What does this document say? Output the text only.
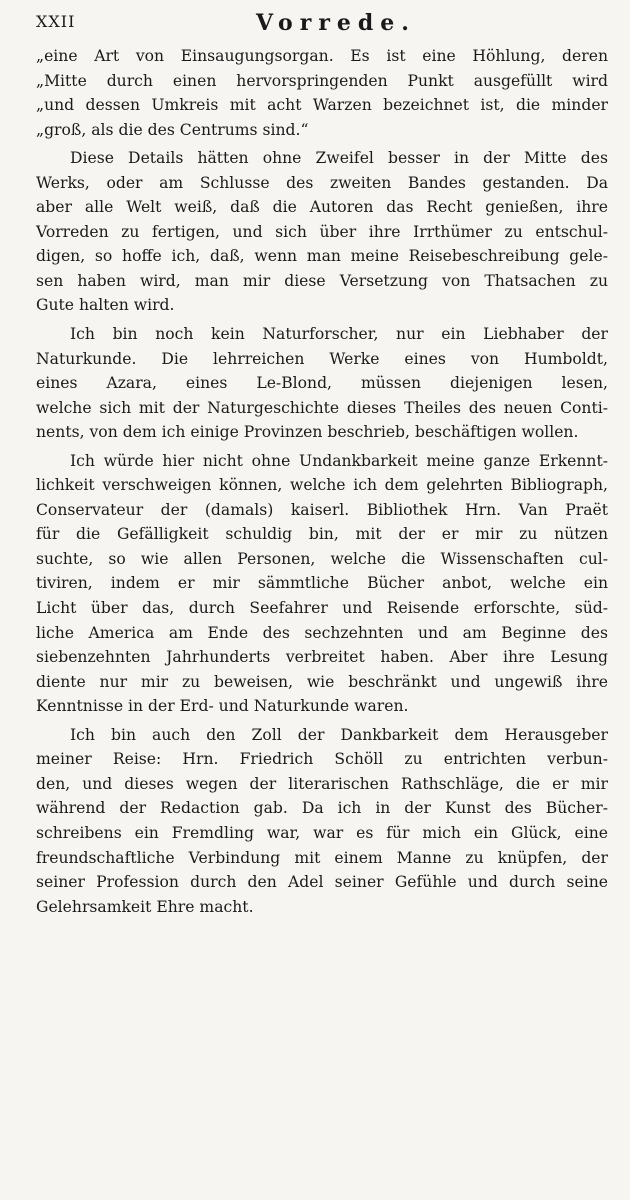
XXII	Vorrede.
„eine Art von Einsaugungsorgan. Es ist eine Höhlung, deren
„Mitte durch einen hervorspringenden Punkt ausgefüllt wird
„und dessen Umkreis mit acht Warzen bezeichnet ist, die minder
„groß, als die des Centrums sind.“
Diese Details hätten ohne Zweifel besser in der Mitte des
Werks, oder am Schlusse des zweiten Bandes gestanden. Da
aber alle Welt weiß, daß die Autoren das Recht genießen, ihre
Vorreden zu fertigen, und sich über ihre Irrthümer zu entschul-
digen, so hoffe ich, daß, wenn man meine Reisebeschreibung gele-
sen haben wird, man mir diese Versetzung von Thatsachen zu
Gute halten wird.
Ich bin noch kein Naturforscher, nur ein Liebhaber der
Naturkunde. Die lehrreichen Werke eines von Humboldt,
eines Azara, eines Le-Blond, müssen diejenigen lesen,
welche sich mit der Naturgeschichte dieses Theiles des neuen Conti-
nents, von dem ich einige Provinzen beschrieb, beschäftigen wollen.
Ich würde hier nicht ohne Undankbarkeit meine ganze Erkennt-
lichkeit verschweigen können, welche ich dem gelehrten Bibliograph,
Conservateur der (damals) kaiserl. Bibliothek Hrn. Van Praët
für die Gefälligkeit schuldig bin, mit der er mir zu nützen
suchte, so wie allen Personen, welche die Wissenschaften cul-
tiviren, indem er mir sämmtliche Bücher anbot, welche ein
Licht über das, durch Seefahrer und Reisende erforschte, süd-
liche America am Ende des sechzehnten und am Beginne des
siebenzehnten Jahrhunderts verbreitet haben. Aber ihre Lesung
diente nur mir zu beweisen, wie beschränkt und ungewiß ihre
Kenntnisse in der Erd- und Naturkunde waren.
Ich bin auch den Zoll der Dankbarkeit dem Herausgeber
meiner Reise: Hrn. Friedrich Schöll zu entrichten verbun-
den, und dieses wegen der literarischen Rathschläge, die er mir
während der Redaction gab. Da ich in der Kunst des Bücher-
schreibens ein Fremdling war, war es für mich ein Glück, eine
freundschaftliche Verbindung mit einem Manne zu knüpfen, der
seiner Profession durch den Adel seiner Gefühle und durch seine
Gelehrsamkeit Ehre macht.
